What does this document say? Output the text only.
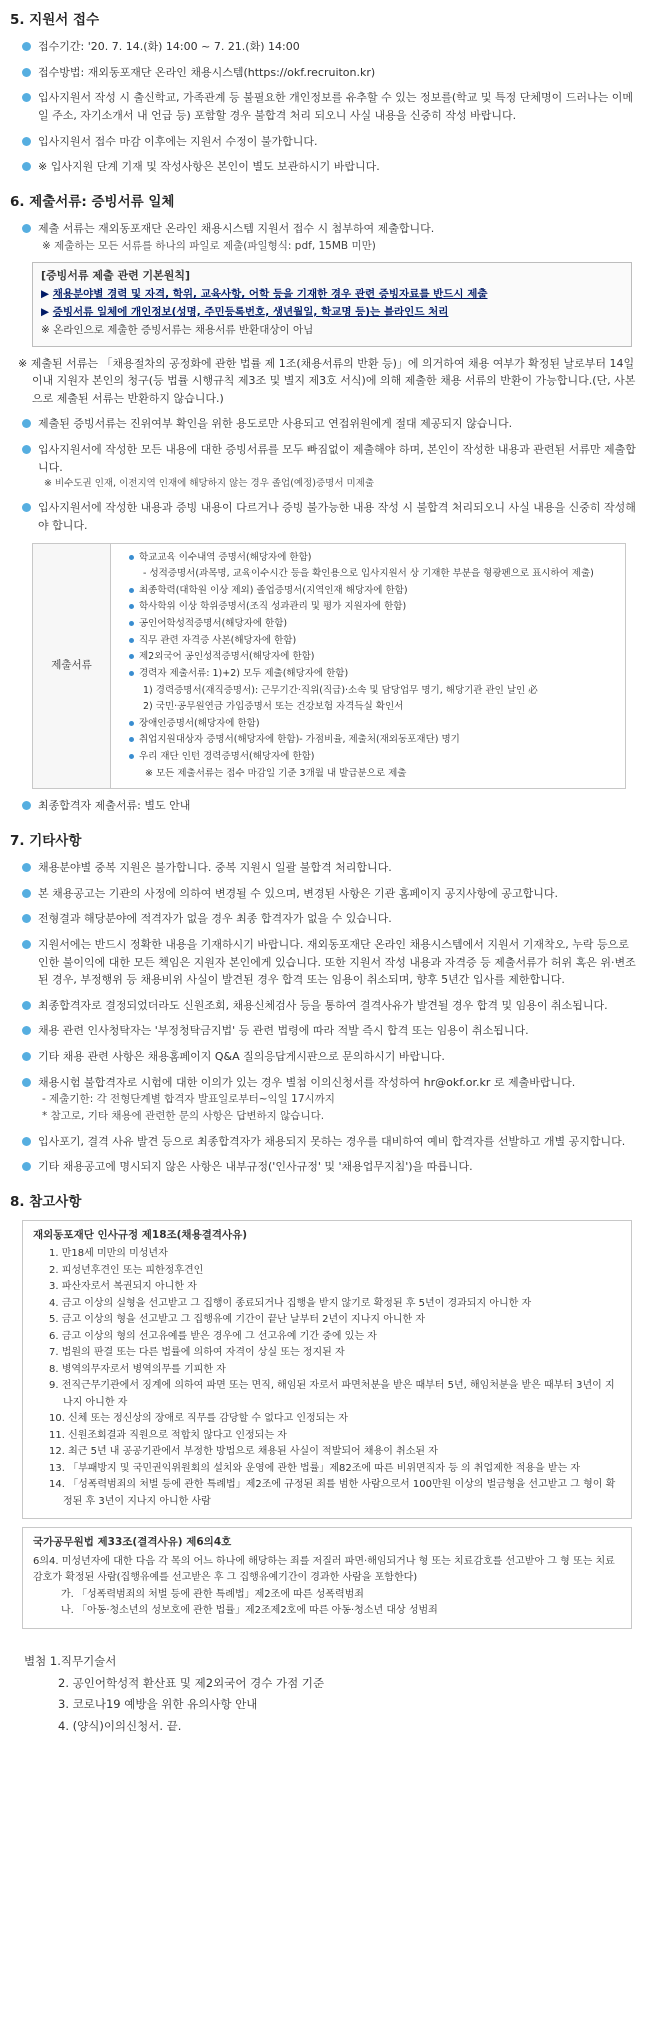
5. 지원서 접수
접수기간: '20. 7. 14.(화) 14:00 ~ 7. 21.(화) 14:00
접수방법: 재외동포재단 온라인 채용시스템(https://okf.recruiton.kr)
입사지원서 작성 시 출신학교, 가족관계 등 불필요한 개인정보를 유추할 수 있는 정보를(학교 및 특정 단체명이 드러나는 이메일 주소, 자기소개서 내 언급 등) 포함할 경우 불합격 처리 되오니 사실 내용을 신중히 작성 바랍니다.
입사지원서 접수 마감 이후에는 지원서 수정이 불가합니다.
※ 입사지원 단계 기재 및 작성사항은 본인이 별도 보관하시기 바랍니다.
6. 제출서류: 증빙서류 일체
제출 서류는 재외동포재단 온라인 채용시스템 지원서 접수 시 첨부하여 제출합니다.
※ 제출하는 모든 서류를 하나의 파일로 제출(파일형식: pdf, 15MB 미만)
[증빙서류 제출 관련 기본원칙]
▶ 채용분야별 경력 및 자격, 학위, 교육사항, 어학 등을 기재한 경우 관련 증빙자료를 반드시 제출
▶ 증빙서류 일체에 개인정보(성명, 주민등록번호, 생년월일, 학교명 등)는 블라인드 처리
※ 온라인으로 제출한 증빙서류는 채용서류 반환대상이 아님
※ 제출된 서류는 「채용절차의 공정화에 관한 법률 제 1조(채용서류의 반환 등)」에 의거하여 채용 여부가 확정된 날로부터 14일 이내 지원자 본인의 청구(등 법률 시행규칙 제3조 및 별지 제3호 서식)에 의해 제출한 채용 서류의 반환이 가능합니다.(단, 사본으로 제출된 서류는 반환하지 않습니다.)
제출된 증빙서류는 진위여부 확인을 위한 용도로만 사용되고 연접위원에게 절대 제공되지 않습니다.
입사지원서에 작성한 모든 내용에 대한 증빙서류를 모두 빠짐없이 제출해야 하며, 본인이 작성한 내용과 관련된 서류만 제출합니다.
※ 비수도권 인재, 이전지역 인재에 해당하지 않는 경우 졸업(예정)증명서 미제출
입사지원서에 작성한 내용과 증빙 내용이 다르거나 증빙 불가능한 내용 작성 시 불합격 처리되오니 사실 내용을 신중히 작성해야 합니다.
제출서류	
학교교육 이수내역 증명서(해당자에 한함)
- 성적증명서(과목명, 교육이수시간 등을 확인용으로 입사지원서 상 기재한 부분을 형광펜으로 표시하여 제출)
최종학력(대학원 이상 제외) 졸업증명서(지역인재 해당자에 한함)
학사학위 이상 학위증명서(조직 성과관리 및 평가 지원자에 한함)
공인어학성적증명서(해당자에 한함)
직무 관련 자격증 사본(해당자에 한함)
제2외국어 공인성적증명서(해당자에 한함)
경력자 제출서류: 1)+2) 모두 제출(해당자에 한함)
1) 경력증명서(재직증명서): 근무기간·직위(직급)·소속 및 담당업무 명기, 해당기관 관인 날인 必
2) 국민·공무원연금 가입증명서 또는 건강보험 자격득실 확인서
장애인증명서(해당자에 한함)
취업지원대상자 증명서(해당자에 한함)- 가점비율, 제출처(재외동포재단) 명기
우리 재단 인턴 경력증명서(해당자에 한함)
※ 모든 제출서류는 접수 마감일 기준 3개월 내 발급분으로 제출
최종합격자 제출서류: 별도 안내
7. 기타사항
채용분야별 중복 지원은 불가합니다. 중복 지원시 일괄 불합격 처리합니다.
본 채용공고는 기관의 사정에 의하여 변경될 수 있으며, 변경된 사항은 기관 홈페이지 공지사항에 공고합니다.
전형결과 해당분야에 적격자가 없을 경우 최종 합격자가 없을 수 있습니다.
지원서에는 반드시 정확한 내용을 기재하시기 바랍니다. 재외동포재단 온라인 채용시스템에서 지원서 기재착오, 누락 등으로 인한 불이익에 대한 모든 책임은 지원자 본인에게 있습니다. 또한 지원서 작성 내용과 자격증 등 제출서류가 허위 혹은 위·변조된 경우, 부정행위 등 채용비위 사실이 발견된 경우 합격 또는 임용이 취소되며, 향후 5년간 입사를 제한합니다.
최종합격자로 결정되었더라도 신원조회, 채용신체검사 등을 통하여 결격사유가 발견될 경우 합격 및 임용이 취소됩니다.
채용 관련 인사청탁자는 '부정청탁금지법' 등 관련 법령에 따라 적발 즉시 합격 또는 임용이 취소됩니다.
기타 채용 관련 사항은 채용홈페이지 Q&A 질의응답게시판으로 문의하시기 바랍니다.
채용시험 불합격자로 시험에 대한 이의가 있는 경우 별첨 이의신청서를 작성하여 hr@okf.or.kr 로 제출바랍니다.
- 제출기한: 각 전형단계별 합격자 발표일로부터~익일 17시까지
* 참고로, 기타 채용에 관련한 문의 사항은 답변하지 않습니다.
입사포기, 결격 사유 발견 등으로 최종합격자가 채용되지 못하는 경우를 대비하여 예비 합격자를 선발하고 개별 공지합니다.
기타 채용공고에 명시되지 않은 사항은 내부규정('인사규정' 및 '채용업무지침')을 따릅니다.
8. 참고사항
재외동포재단 인사규정 제18조(채용결격사유)
1. 만18세 미만의 미성년자
2. 피성년후견인 또는 피한정후견인
3. 파산자로서 복권되지 아니한 자
4. 금고 이상의 실형을 선고받고 그 집행이 종료되거나 집행을 받지 않기로 확정된 후 5년이 경과되지 아니한 자
5. 금고 이상의 형을 선고받고 그 집행유예 기간이 끝난 날부터 2년이 지나지 아니한 자
6. 금고 이상의 형의 선고유예를 받은 경우에 그 선고유예 기간 중에 있는 자
7. 법원의 판결 또는 다른 법률에 의하여 자격이 상실 또는 정지된 자
8. 병역의무자로서 병역의무를 기피한 자
9. 전직근무기관에서 징계에 의하여 파면 또는 면직, 해임된 자로서 파면처분을 받은 때부터 5년, 해임처분을 받은 때부터 3년이 지나지 아니한 자
10. 신체 또는 정신상의 장애로 직무를 감당할 수 없다고 인정되는 자
11. 신원조회결과 직원으로 적합치 않다고 인정되는 자
12. 최근 5년 내 공공기관에서 부정한 방법으로 채용된 사실이 적발되어 채용이 취소된 자
13. 「부패방지 및 국민권익위원회의 설치와 운영에 관한 법률」제82조에 따른 비위면직자 등 의 취업제한 적용을 받는 자
14. 「성폭력범죄의 처벌 등에 관한 특례법」제2조에 규정된 죄를 범한 사람으로서 100만원 이상의 벌금형을 선고받고 그 형이 확정된 후 3년이 지나지 아니한 사람
국가공무원법 제33조(결격사유) 제6의4호
6의4. 미성년자에 대한 다음 각 목의 어느 하나에 해당하는 죄를 저질러 파면·해임되거나 형 또는 치료감호를 선고받아 그 형 또는 치료감호가 확정된 사람(집행유예를 선고받은 후 그 집행유예기간이 경과한 사람을 포함한다)
가. 「성폭력범죄의 처벌 등에 관한 특례법」제2조에 따른 성폭력범죄
나. 「아동·청소년의 성보호에 관한 법률」제2조제2호에 따른 아동·청소년 대상 성범죄
별첨 1.직무기술서
2. 공인어학성적 환산표 및 제2외국어 경수 가점 기준
3. 코로나19 예방을 위한 유의사항 안내
4. (양식)이의신청서. 끝.
